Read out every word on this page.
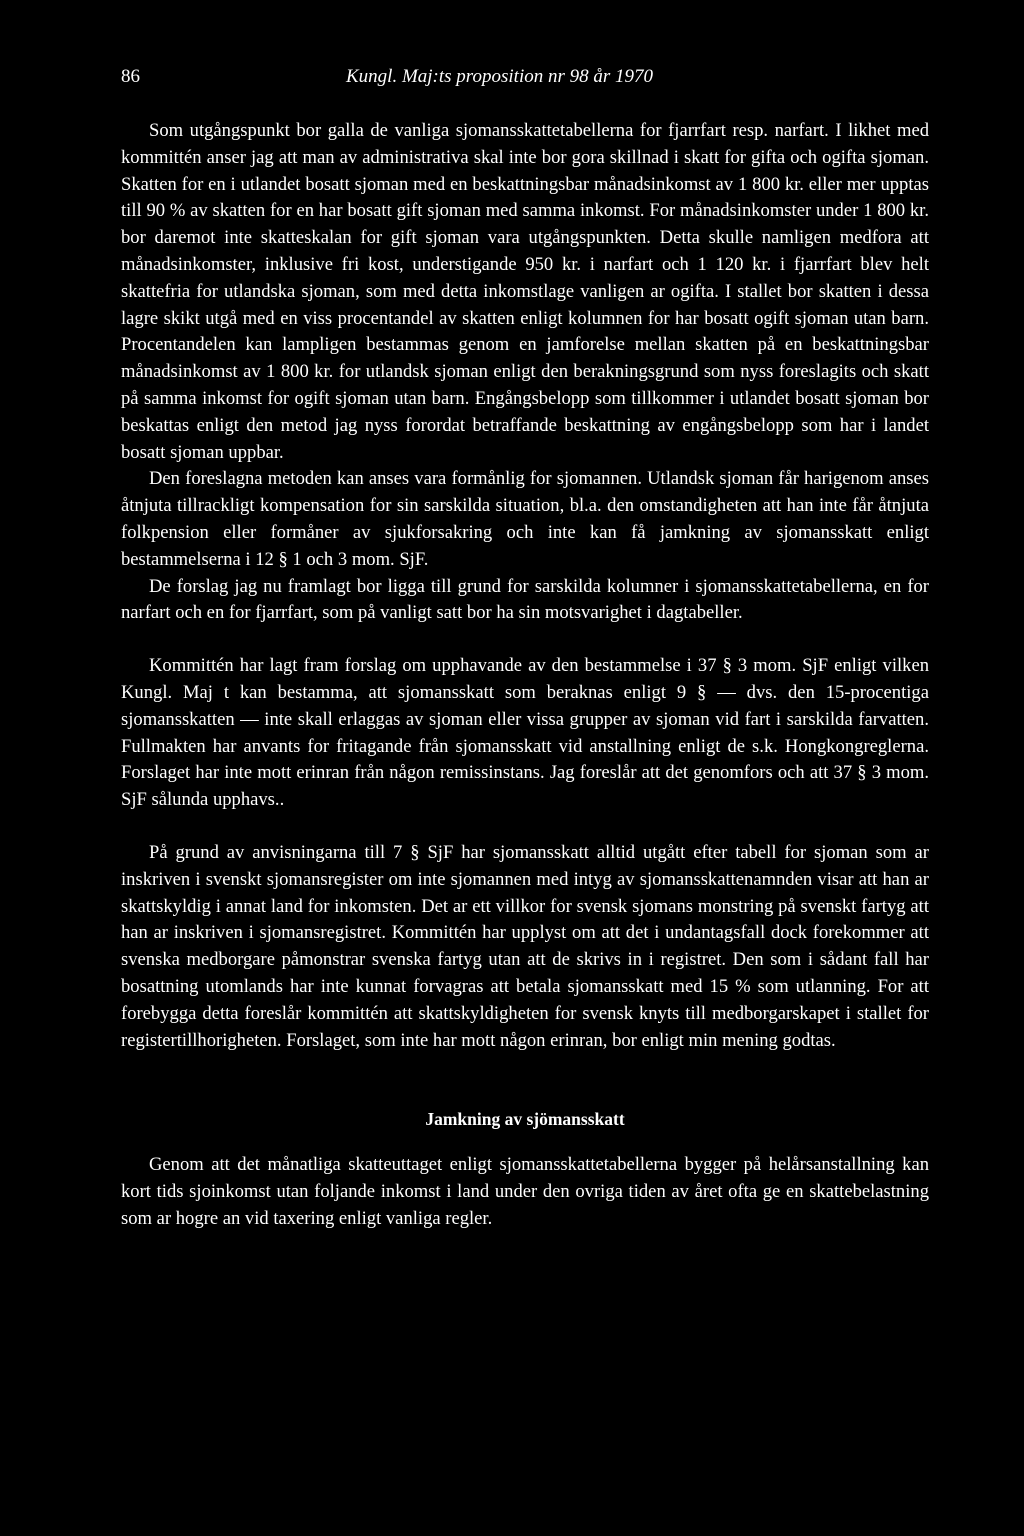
86	Kungl. Maj:ts proposition nr 98 år 1970

Som utgångspunkt bor galla de vanliga sjomansskattetabellerna for fjarrfart resp. narfart. I likhet med kommittén anser jag att man av administrativa skal inte bor gora skillnad i skatt for gifta och ogifta sjoman. Skatten for en i utlandet bosatt sjoman med en beskattningsbar månadsinkomst av 1 800 kr. eller mer upptas till 90 % av skatten for en har bosatt gift sjoman med samma inkomst. For månadsinkomster under 1 800 kr. bor daremot inte skatteskalan for gift sjoman vara utgångspunkten. Detta skulle namligen medfora att månadsinkomster, inklusive fri kost, understigande 950 kr. i narfart och 1 120 kr. i fjarrfart blev helt skattefria for utlandska sjoman, som med detta inkomstlage vanligen ar ogifta. I stallet bor skatten i dessa lagre skikt utgå med en viss procentandel av skatten enligt kolumnen for har bosatt ogift sjoman utan barn. Procentandelen kan lampligen bestammas genom en jamforelse mellan skatten på en beskattningsbar månadsinkomst av 1 800 kr. for utlandsk sjoman enligt den berakningsgrund som nyss foreslagits och skatt på samma inkomst for ogift sjoman utan barn. Engångsbelopp som tillkommer i utlandet bosatt sjoman bor beskattas enligt den metod jag nyss forordat betraffande beskattning av engångsbelopp som har i landet bosatt sjoman uppbar.

Den foreslagna metoden kan anses vara formånlig for sjomannen. Utlandsk sjoman får harigenom anses åtnjuta tillrackligt kompensation for sin sarskilda situation, bl.a. den omstandigheten att han inte får åtnjuta folkpension eller formåner av sjukforsakring och inte kan få jamkning av sjomansskatt enligt bestammelserna i 12 § 1 och 3 mom. SjF.

De forslag jag nu framlagt bor ligga till grund for sarskilda kolumner i sjomansskattetabellerna, en for narfart och en for fjarrfart, som på vanligt satt bor ha sin motsvarighet i dagtabeller.

Kommittén har lagt fram forslag om upphavande av den bestammelse i 37 § 3 mom. SjF enligt vilken Kungl. Maj t kan bestamma, att sjomansskatt som beraknas enligt 9 § — dvs. den 15-procentiga sjomansskatten — inte skall erlaggas av sjoman eller vissa grupper av sjoman vid fart i sarskilda farvatten. Fullmakten har anvants for fritagande från sjomansskatt vid anstallning enligt de s.k. Hongkongreglerna. Forslaget har inte mott erinran från någon remissinstans. Jag foreslår att det genomfors och att 37 § 3 mom. SjF sålunda upphavs..

På grund av anvisningarna till 7 § SjF har sjomansskatt alltid utgått efter tabell for sjoman som ar inskriven i svenskt sjomansregister om inte sjomannen med intyg av sjomansskattenamnden visar att han ar skattskyldig i annat land for inkomsten. Det ar ett villkor for svensk sjomans monstring på svenskt fartyg att han ar inskriven i sjomansregistret. Kommittén har upplyst om att det i undantagsfall dock forekommer att svenska medborgare påmonstrar svenska fartyg utan att de skrivs in i registret. Den som i sådant fall har bosattning utomlands har inte kunnat forvagras att betala sjomansskatt med 15 % som utlanning. For att forebygga detta foreslår kommittén att skattskyldigheten for svensk knyts till medborgarskapet i stallet for registertillhorigheten. Forslaget, som inte har mott någon erinran, bor enligt min mening godtas.

Jamkning av sjömansskatt

Genom att det månatliga skatteuttaget enligt sjomansskattetabellerna bygger på helårsanstallning kan kort tids sjoinkomst utan foljande inkomst i land under den ovriga tiden av året ofta ge en skattebelastning som ar hogre an vid taxering enligt vanliga regler.
